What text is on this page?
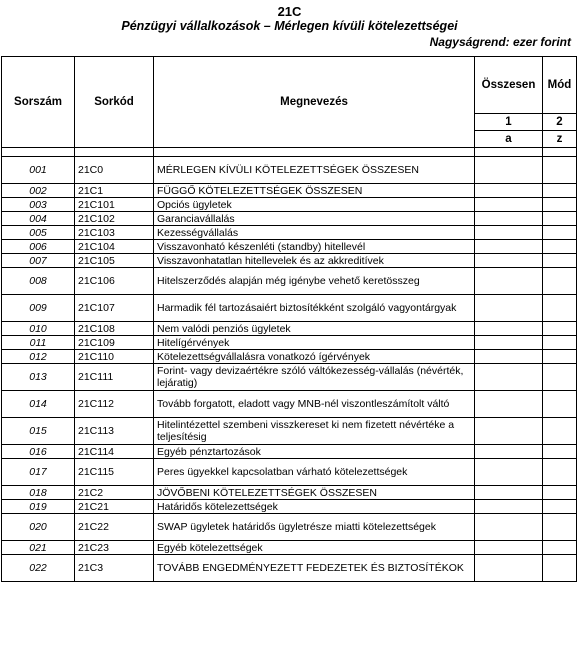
21C
Pénzügyi vállalkozások – Mérlegen kívüli kötelezettségei
Nagyságrend: ezer forint
Sorszám	Sorkód	Megnevezés	Összesen	Mód
			1	2
			a	z

001	21C0	MÉRLEGEN KÍVÜLI KÖTELEZETTSÉGEK ÖSSZESEN		
002	21C1	FÜGGŐ KÖTELEZETTSÉGEK ÖSSZESEN		
003	21C101	Opciós ügyletek		
004	21C102	Garanciavállalás		
005	21C103	Kezességvállalás		
006	21C104	Visszavonható készenléti (standby) hitellevél		
007	21C105	Visszavonhatatlan hitellevelek és az akkreditívek		
008	21C106	Hitelszerződés alapján még igénybe vehető keretösszeg		
009	21C107	Harmadik fél tartozásaiért biztosítékként szolgáló vagyontárgyak		
010	21C108	Nem valódi penziós ügyletek		
011	21C109	Hitelígérvények		
012	21C110	Kötelezettségvállalásra vonatkozó ígérvények		
013	21C111	Forint- vagy devizaértékre szóló váltókezesség-vállalás (névérték, lejáratig)		
014	21C112	Tovább forgatott, eladott vagy MNB-nél viszontleszámítolt váltó		
015	21C113	Hitelintézettel szembeni visszkereset ki nem fizetett névértéke a teljesítésig		
016	21C114	Egyéb pénztartozások		
017	21C115	Peres ügyekkel kapcsolatban várható kötelezettségek		
018	21C2	JÖVŐBENI KÖTELEZETTSÉGEK ÖSSZESEN		
019	21C21	Határidős kötelezettségek		
020	21C22	SWAP ügyletek határidős ügyletrésze miatti kötelezettségek		
021	21C23	Egyéb kötelezettségek		
022	21C3	TOVÁBB ENGEDMÉNYEZETT FEDEZETEK ÉS BIZTOSÍTÉKOK		
